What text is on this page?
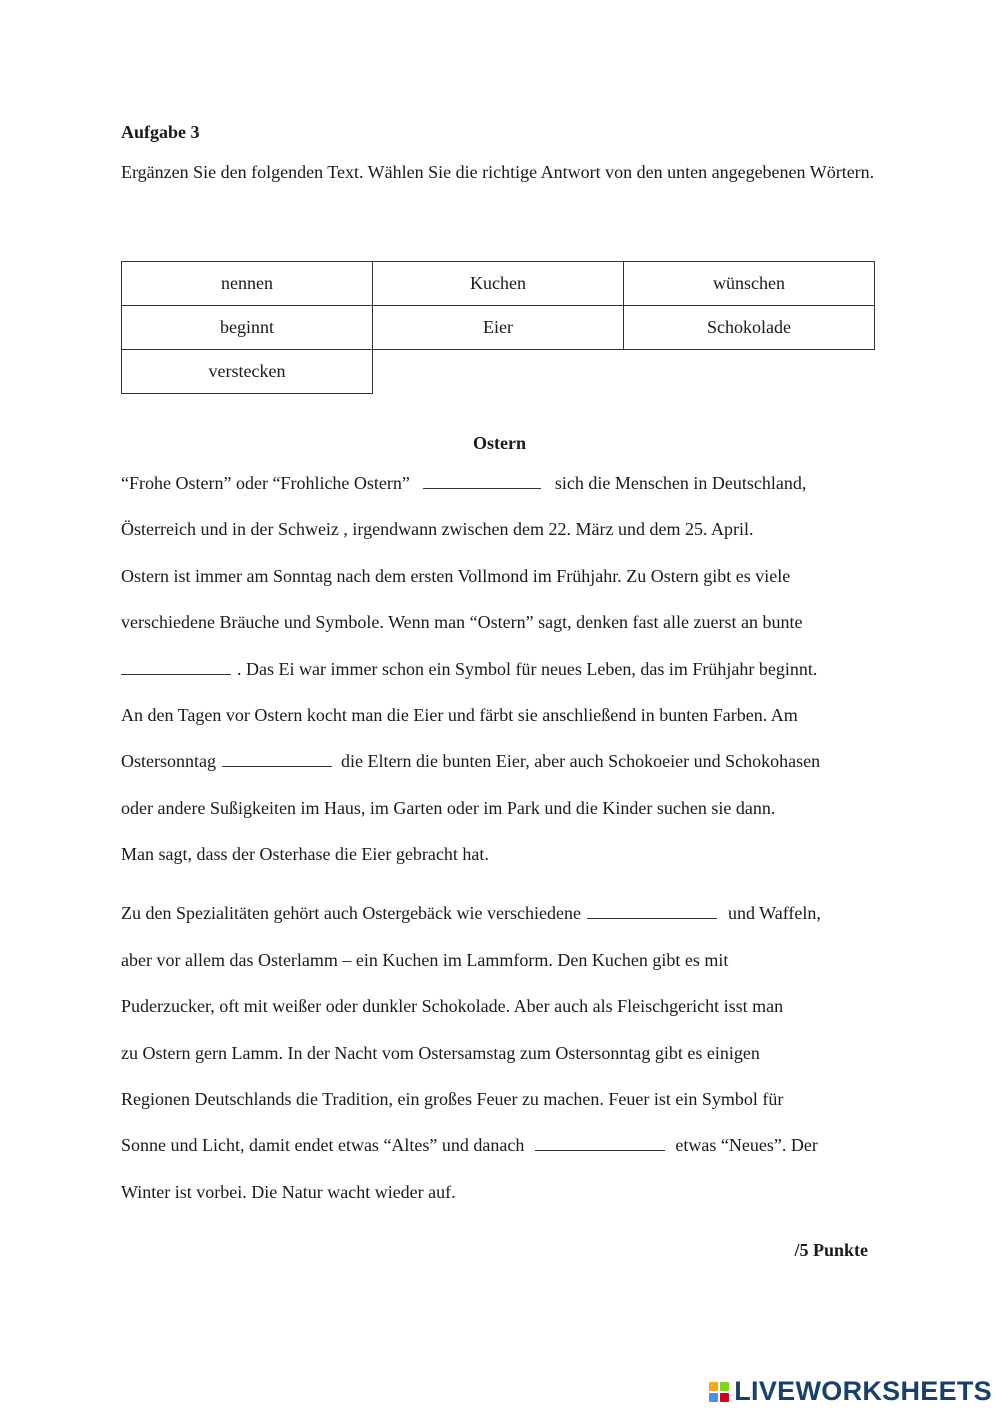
Aufgabe 3
Ergänzen Sie den folgenden Text. Wählen Sie die richtige Antwort von den unten angegebenen Wörtern.
nennen	Kuchen	wünschen
beginnt	Eier	Schokolade
verstecken		
Ostern
“Frohe Ostern” oder “Frohliche Ostern”	sich die Menschen in Deutschland,
Österreich und in der Schweiz , irgendwann zwischen dem 22. März und dem 25. April.
Ostern ist immer am Sonntag nach dem ersten Vollmond im Frühjahr. Zu Ostern gibt es viele
verschiedene Bräuche und Symbole. Wenn man “Ostern” sagt, denken fast alle zuerst an bunte
. Das Ei war immer schon ein Symbol für neues Leben, das im Frühjahr beginnt.
An den Tagen vor Ostern kocht man die Eier und färbt sie anschließend in bunten Farben. Am
Ostersonntag	die Eltern die bunten Eier, aber auch Schokoeier und Schokohasen
oder andere Sußigkeiten im Haus, im Garten oder im Park und die Kinder suchen sie dann.
Man sagt, dass der Osterhase die Eier gebracht hat.
Zu den Spezialitäten gehört auch Ostergebäck wie verschiedene	und Waffeln,
aber vor allem das Osterlamm – ein Kuchen im Lammform. Den Kuchen gibt es mit
Puderzucker, oft mit weißer oder dunkler Schokolade. Aber auch als Fleischgericht isst man
zu Ostern gern Lamm. In der Nacht vom Ostersamstag zum Ostersonntag gibt es einigen
Regionen Deutschlands die Tradition, ein großes Feuer zu machen. Feuer ist ein Symbol für
Sonne und Licht, damit endet etwas “Altes” und danach	etwas “Neues”. Der
Winter ist vorbei. Die Natur wacht wieder auf.
/5 Punkte
LIVEWORKSHEETS
